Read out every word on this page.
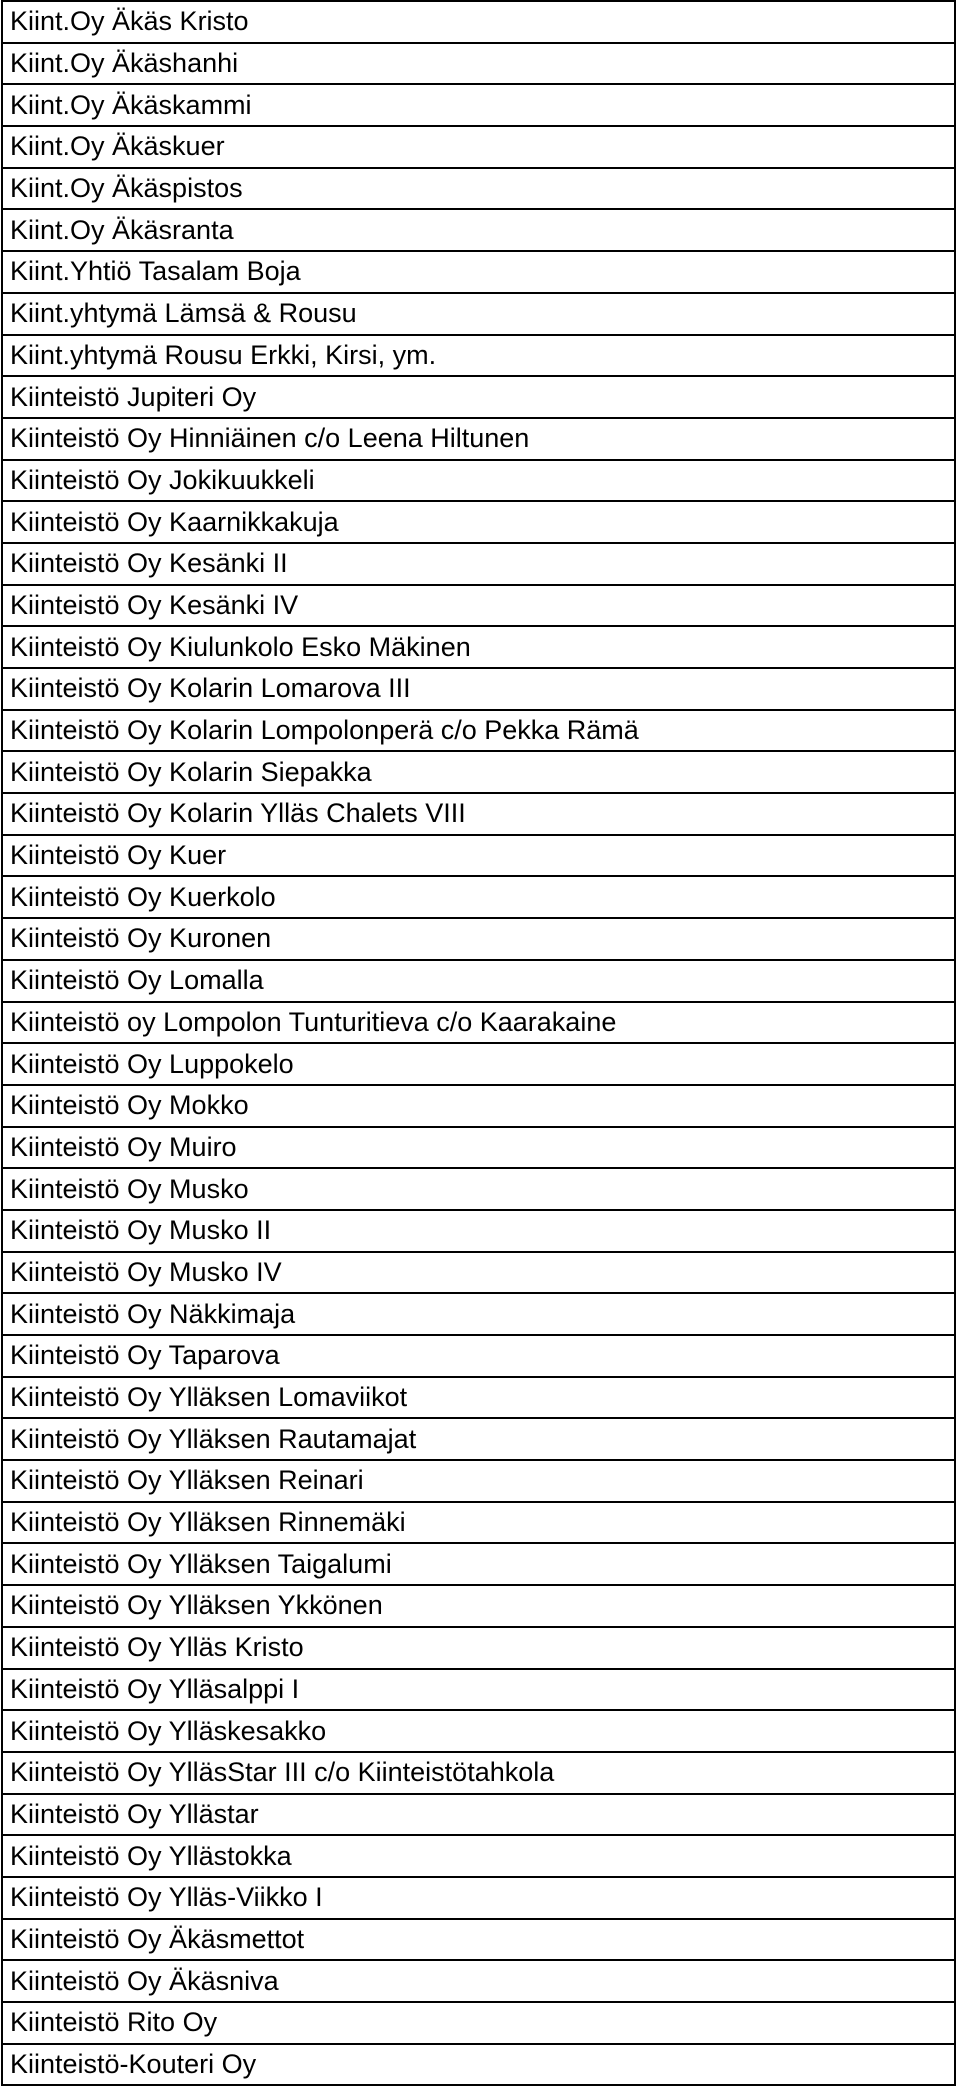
Kiint.Oy Äkäs Kristo
Kiint.Oy Äkäshanhi
Kiint.Oy Äkäskammi
Kiint.Oy Äkäskuer
Kiint.Oy Äkäspistos
Kiint.Oy Äkäsranta
Kiint.Yhtiö Tasalam Boja
Kiint.yhtymä Lämsä & Rousu
Kiint.yhtymä Rousu Erkki, Kirsi, ym.
Kiinteistö Jupiteri Oy
Kiinteistö Oy Hinniäinen c/o Leena Hiltunen
Kiinteistö Oy Jokikuukkeli
Kiinteistö Oy Kaarnikkakuja
Kiinteistö Oy Kesänki II
Kiinteistö Oy Kesänki IV
Kiinteistö Oy Kiulunkolo Esko Mäkinen
Kiinteistö Oy Kolarin Lomarova III
Kiinteistö Oy Kolarin Lompolonperä c/o Pekka Rämä
Kiinteistö Oy Kolarin Siepakka
Kiinteistö Oy Kolarin Ylläs Chalets VIII
Kiinteistö Oy Kuer
Kiinteistö Oy Kuerkolo
Kiinteistö Oy Kuronen
Kiinteistö Oy Lomalla
Kiinteistö oy Lompolon Tunturitieva c/o Kaarakaine
Kiinteistö Oy Luppokelo
Kiinteistö Oy Mokko
Kiinteistö Oy Muiro
Kiinteistö Oy Musko
Kiinteistö Oy Musko II
Kiinteistö Oy Musko IV
Kiinteistö Oy Näkkimaja
Kiinteistö Oy Taparova
Kiinteistö Oy Ylläksen Lomaviikot
Kiinteistö Oy Ylläksen Rautamajat
Kiinteistö Oy Ylläksen Reinari
Kiinteistö Oy Ylläksen Rinnemäki
Kiinteistö Oy Ylläksen Taigalumi
Kiinteistö Oy Ylläksen Ykkönen
Kiinteistö Oy Ylläs Kristo
Kiinteistö Oy Ylläsalppi I
Kiinteistö Oy Ylläskesakko
Kiinteistö Oy YlläsStar III c/o Kiinteistötahkola
Kiinteistö Oy Yllästar
Kiinteistö Oy Yllästokka
Kiinteistö Oy Ylläs-Viikko I
Kiinteistö Oy Äkäsmettot
Kiinteistö Oy Äkäsniva
Kiinteistö Rito Oy
Kiinteistö-Kouteri Oy
